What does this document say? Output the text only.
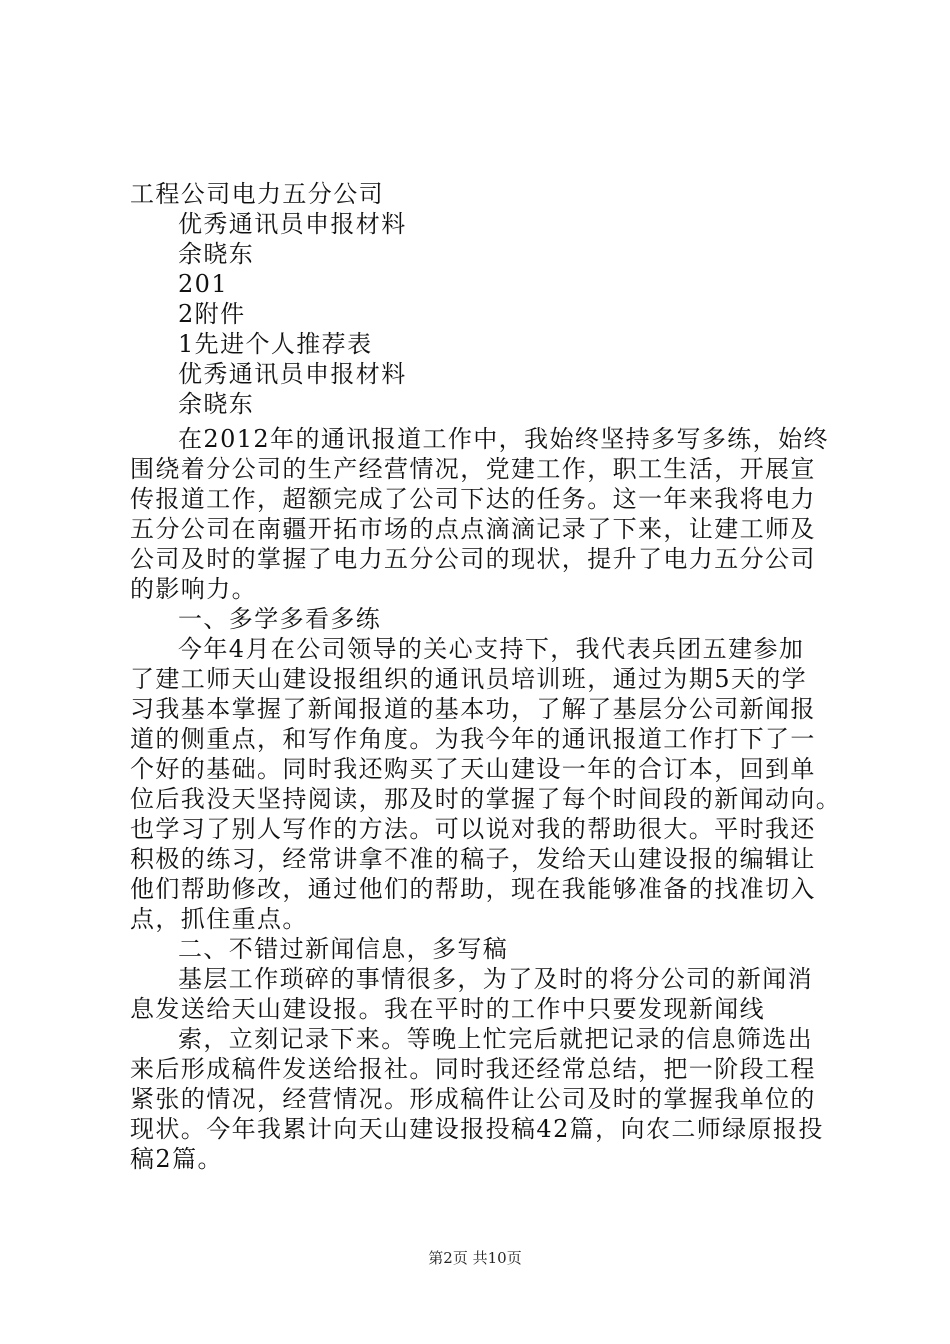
工程公司电力五分公司
优秀通讯员申报材料
余晓东
201
2附件
1先进个人推荐表
优秀通讯员申报材料
余晓东
在2012年的通讯报道工作中，我始终坚持多写多练，始终
围绕着分公司的生产经营情况，党建工作，职工生活，开展宣
传报道工作，超额完成了公司下达的任务。这一年来我将电力
五分公司在南疆开拓市场的点点滴滴记录了下来，让建工师及
公司及时的掌握了电力五分公司的现状，提升了电力五分公司
的影响力。
一、多学多看多练
今年4月在公司领导的关心支持下，我代表兵团五建参加
了建工师天山建设报组织的通讯员培训班，通过为期5天的学
习我基本掌握了新闻报道的基本功，了解了基层分公司新闻报
道的侧重点，和写作角度。为我今年的通讯报道工作打下了一
个好的基础。同时我还购买了天山建设一年的合订本，回到单
位后我没天坚持阅读，那及时的掌握了每个时间段的新闻动向。
也学习了别人写作的方法。可以说对我的帮助很大。平时我还
积极的练习，经常讲拿不准的稿子，发给天山建设报的编辑让
他们帮助修改，通过他们的帮助，现在我能够准备的找准切入
点，抓住重点。
二、不错过新闻信息，多写稿
基层工作琐碎的事情很多，为了及时的将分公司的新闻消
息发送给天山建设报。我在平时的工作中只要发现新闻线
索，立刻记录下来。等晚上忙完后就把记录的信息筛选出
来后形成稿件发送给报社。同时我还经常总结，把一阶段工程
紧张的情况，经营情况。形成稿件让公司及时的掌握我单位的
现状。今年我累计向天山建设报投稿42篇，向农二师绿原报投
稿2篇。
第2页 共10页
